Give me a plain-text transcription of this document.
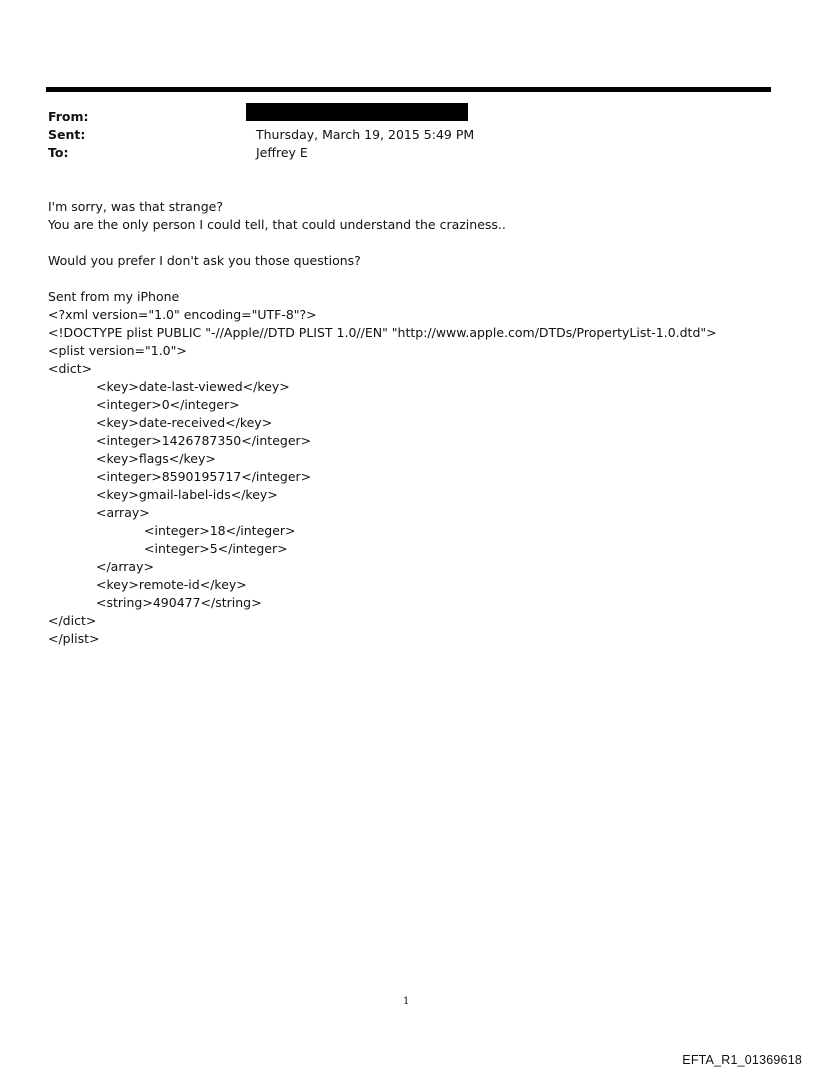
From:
Sent:	Thursday, March 19, 2015 5:49 PM
To:	Jeffrey E
I'm sorry, was that strange?
You are the only person I could tell, that could understand the craziness..
Would you prefer I don't ask you those questions?
Sent from my iPhone
<?xml version="1.0" encoding="UTF-8"?>
<!DOCTYPE plist PUBLIC "-//Apple//DTD PLIST 1.0//EN" "http://www.apple.com/DTDs/PropertyList-1.0.dtd">
<plist version="1.0">
<dict>
<key>date-last-viewed</key>
<integer>0</integer>
<key>date-received</key>
<integer>1426787350</integer>
<key>flags</key>
<integer>8590195717</integer>
<key>gmail-label-ids</key>
<array>
<integer>18</integer>
<integer>5</integer>
</array>
<key>remote-id</key>
<string>490477</string>
</dict>
</plist>
1
EFTA_R1_01369618
